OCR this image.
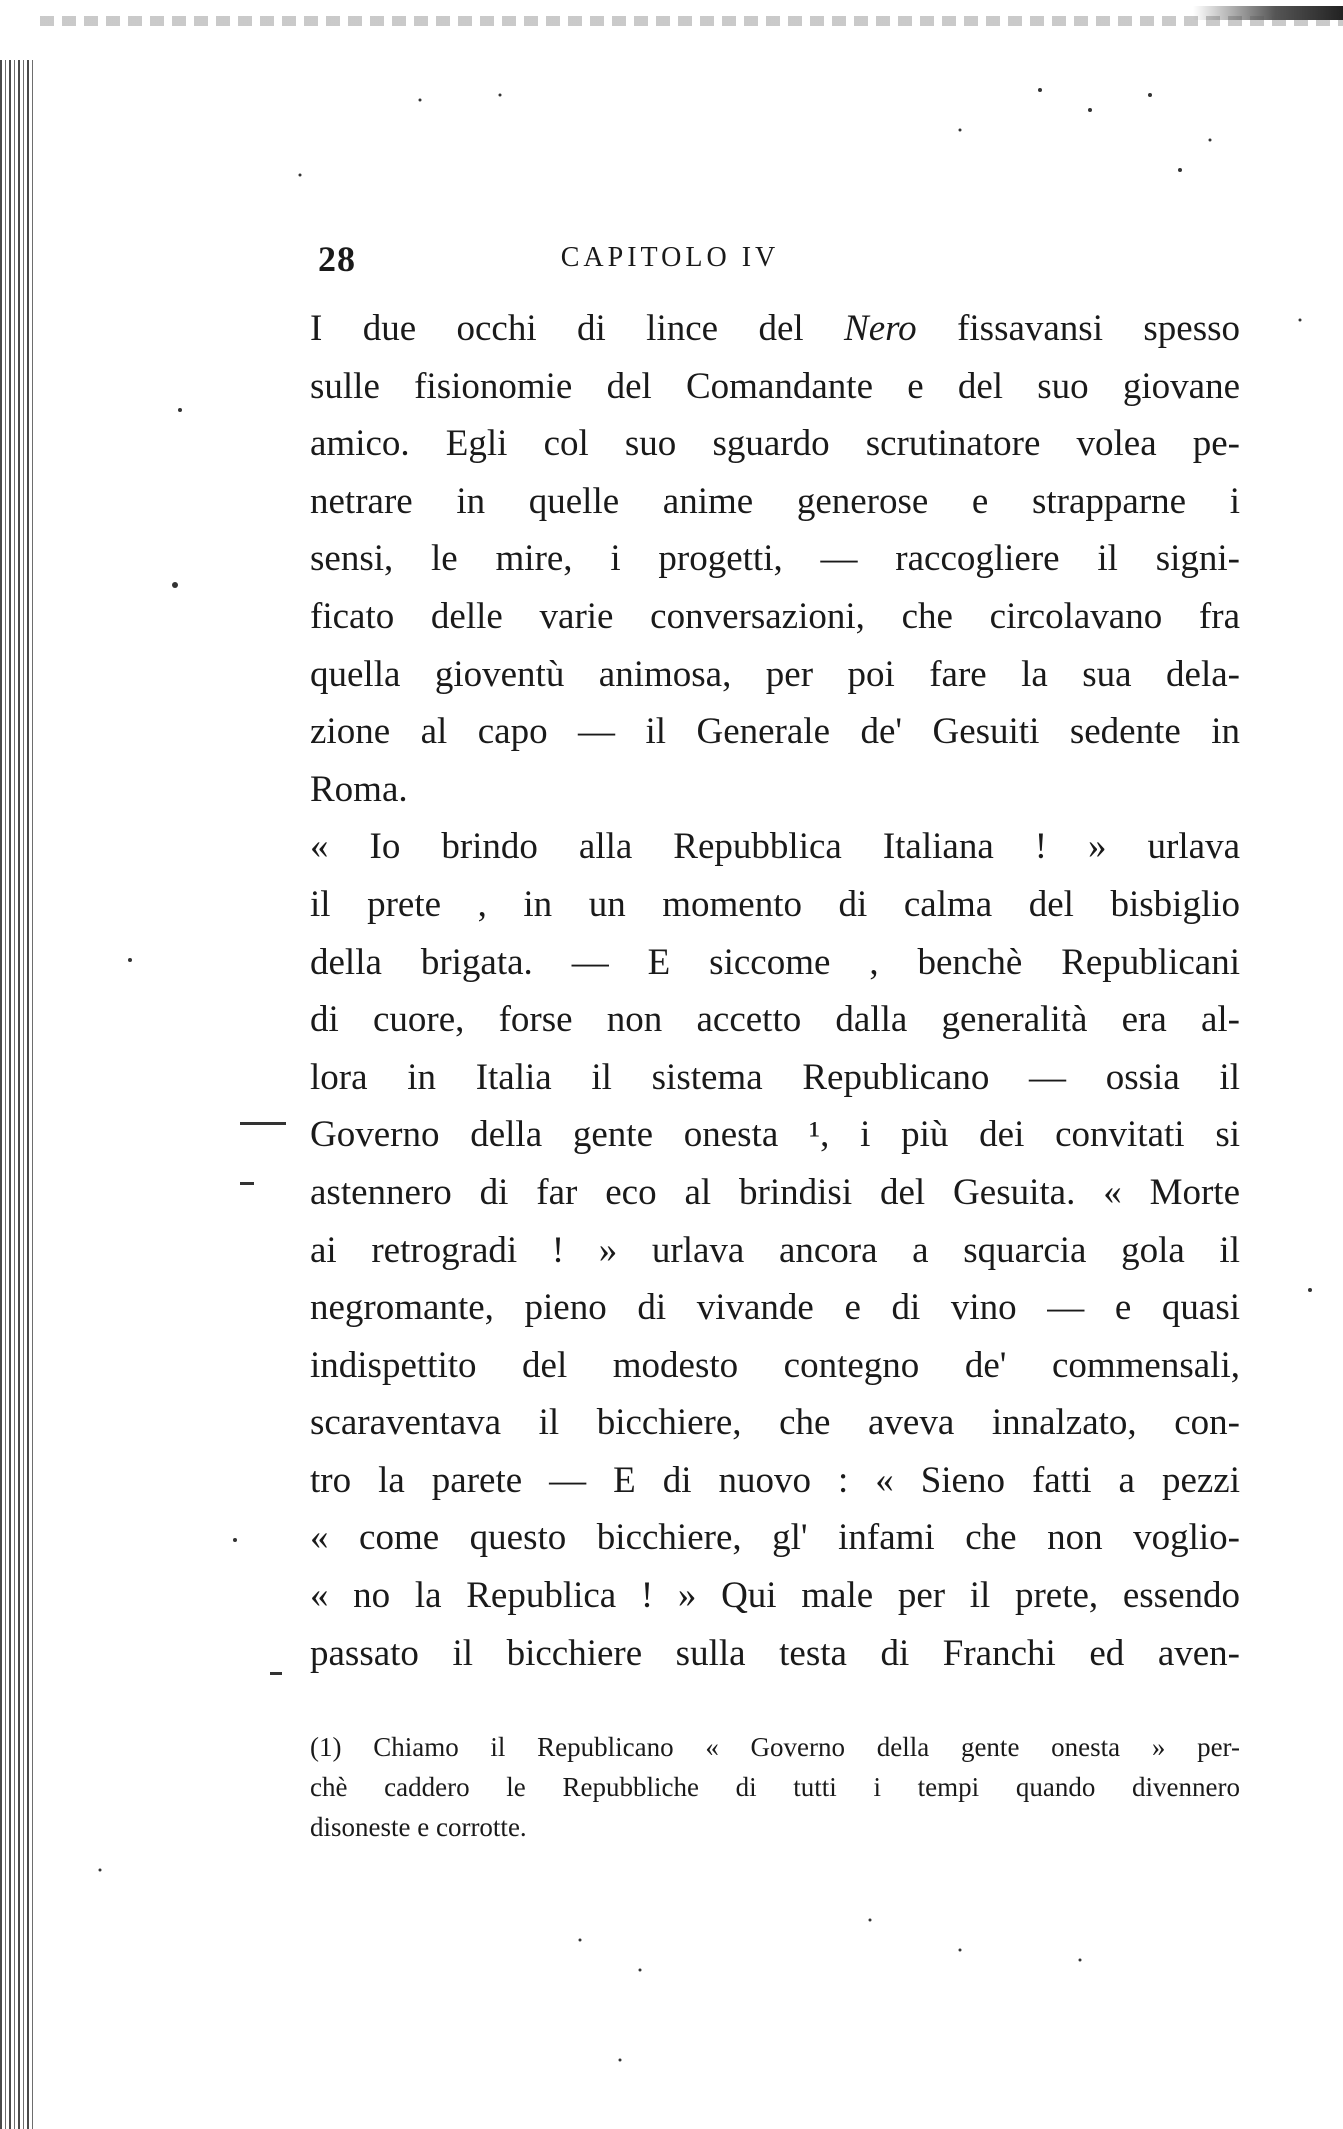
28	CAPITOLO IV
I due occhi di lince del Nero fissavansi spesso
sulle fisionomie del Comandante e del suo giovane
amico. Egli col suo sguardo scrutinatore volea pe-
netrare in quelle anime generose e strapparne i
sensi, le mire, i progetti, — raccogliere il signi-
ficato delle varie conversazioni, che circolavano fra
quella gioventù animosa, per poi fare la sua dela-
zione al capo — il Generale de' Gesuiti sedente in
Roma.
« Io brindo alla Repubblica Italiana ! » urlava
il prete , in un momento di calma del bisbiglio
della brigata. — E siccome , benchè Republicani
di cuore, forse non accetto dalla generalità era al-
lora in Italia il sistema Republicano — ossia il
Governo della gente onesta ¹, i più dei convitati si
astennero di far eco al brindisi del Gesuita. « Morte
ai retrogradi ! » urlava ancora a squarcia gola il
negromante, pieno di vivande e di vino — e quasi
indispettito del modesto contegno de' commensali,
scaraventava il bicchiere, che aveva innalzato, con-
tro la parete — E di nuovo : « Sieno fatti a pezzi
« come questo bicchiere, gl' infami che non voglio-
« no la Republica ! » Qui male per il prete, essendo
passato il bicchiere sulla testa di Franchi ed aven-
(1) Chiamo il Republicano « Governo della gente onesta » per-
chè caddero le Repubbliche di tutti i tempi quando divennero
disoneste e corrotte.
